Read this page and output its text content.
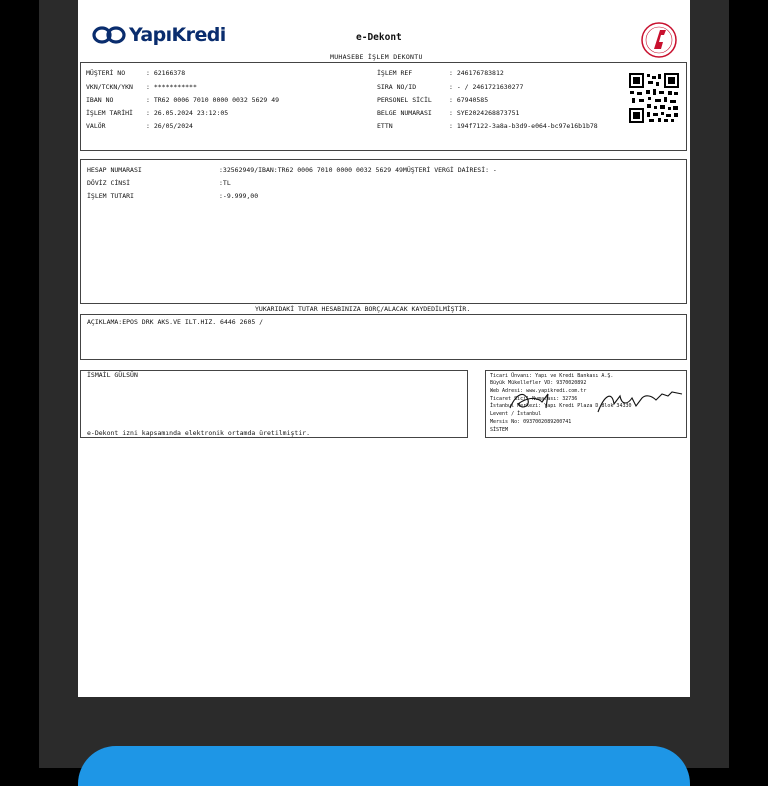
YapıKredi	e-Dekont
MUHASEBE İŞLEM DEKONTU
MÜŞTERİ NO	: 62166378
VKN/TCKN/YKN : ***********
IBAN NO	: TR62 0006 7010 0000 0032 5629 49
İŞLEM TARİHİ : 26.05.2024 23:12:05
VALÖR	: 26/05/2024
İŞLEM REF	: 246176783812
SIRA NO/ID	: - / 2461721630277
PERSONEL SİCİL	: 67940585
BELGE NUMARASI	: SYE2024268873751
ETTN	: 194f7122-3a8a-b3d9-e064-bc97e16b1b78
HESAP NUMARASI	:32562949/IBAN:TR62 0006 7010 0000 0032 5629 49MÜŞTERİ VERGİ DAİRESİ: -
DÖVİZ CİNSİ	:TL
İŞLEM TUTARI	:-9.999,00
YUKARIDAKİ TUTAR HESABINIZA BORÇ/ALACAK KAYDEDİLMİŞTİR.
AÇIKLAMA:EPOS DRK AKS.VE ILT.HIZ. 6446 2605 /
İSMAİL GÜLSÜN
e-Dekont izni kapsamında elektronik ortamda üretilmiştir.
Ticari Ünvanı: Yapı ve Kredi Bankası A.Ş.
Büyük Mükellefler VD: 9370020892
Web Adresi: www.yapikredi.com.tr
Ticaret Sicil Numarası: 32736
İstanbul Merkezi: Yapı Kredi Plaza D Blok 34330
Levent / İstanbul
Mersis No: 0937002089200741
SİSTEM
